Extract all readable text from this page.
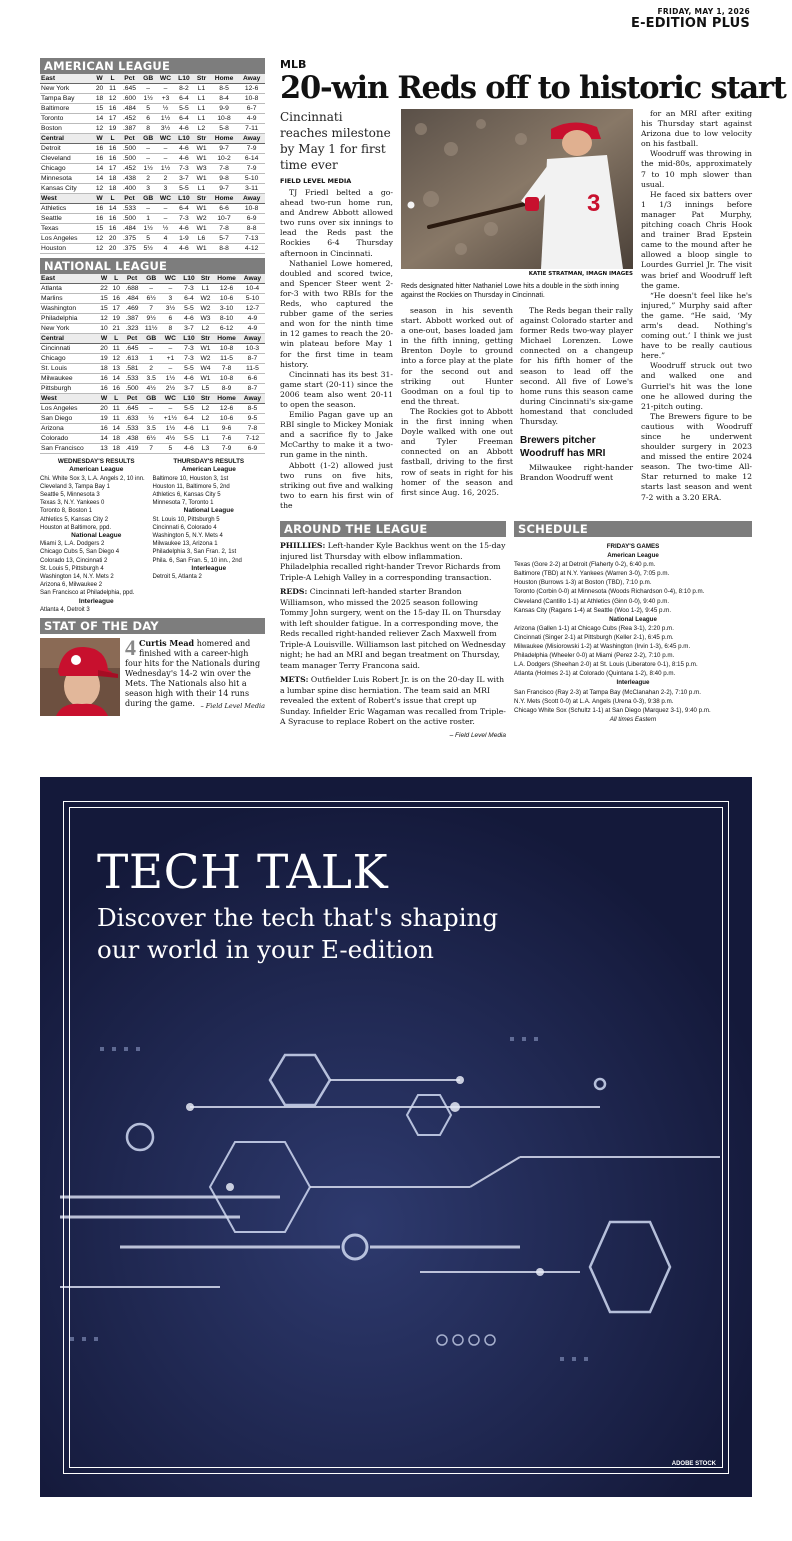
FRIDAY, MAY 1, 2026
E-EDITION PLUS
AMERICAN LEAGUE
East	W	L	Pct	GB	WC	L10	Str	Home	Away
New York	20	11	.645	–	–	8-2	L1	8-5	12-6
Tampa Bay	18	12	.600	1½	+3	6-4	L1	8-4	10-8
Baltimore	15	16	.484	5	½	5-5	L1	9-9	6-7
Toronto	14	17	.452	6	1½	6-4	L1	10-8	4-9
Boston	12	19	.387	8	3½	4-6	L2	5-8	7-11
Central	W	L	Pct	GB	WC	L10	Str	Home	Away
Detroit	16	16	.500	–	–	4-6	W1	9-7	7-9
Cleveland	16	16	.500	–	–	4-6	W1	10-2	6-14
Chicago	14	17	.452	1½	1½	7-3	W3	7-8	7-9
Minnesota	14	18	.438	2	2	3-7	W1	9-8	5-10
Kansas City	12	18	.400	3	3	5-5	L1	9-7	3-11
West	W	L	Pct	GB	WC	L10	Str	Home	Away
Athletics	16	14	.533	–	–	6-4	W1	6-6	10-8
Seattle	16	16	.500	1	–	7-3	W2	10-7	6-9
Texas	15	16	.484	1½	½	4-6	W1	7-8	8-8
Los Angeles	12	20	.375	5	4	1-9	L6	5-7	7-13
Houston	12	20	.375	5½	4	4-6	W1	8-8	4-12
NATIONAL LEAGUE
East	W	L	Pct	GB	WC	L10	Str	Home	Away
Atlanta	22	10	.688	–	–	7-3	L1	12-6	10-4
Marlins	15	16	.484	6½	3	6-4	W2	10-6	5-10
Washington	15	17	.469	7	3½	5-5	W2	3-10	12-7
Philadelphia	12	19	.387	9½	6	4-6	W3	8-10	4-9
New York	10	21	.323	11½	8	3-7	L2	6-12	4-9
Central	W	L	Pct	GB	WC	L10	Str	Home	Away
Cincinnati	20	11	.645	–	–	7-3	W1	10-8	10-3
Chicago	19	12	.613	1	+1	7-3	W2	11-5	8-7
St. Louis	18	13	.581	2	–	5-5	W4	7-8	11-5
Milwaukee	16	14	.533	3.5	1½	4-6	W1	10-8	6-6
Pittsburgh	16	16	.500	4½	2½	3-7	L5	8-9	8-7
West	W	L	Pct	GB	WC	L10	Str	Home	Away
Los Angeles	20	11	.645	–	–	5-5	L2	12-6	8-5
San Diego	19	11	.633	½	+1½	6-4	L2	10-6	9-5
Arizona	16	14	.533	3.5	1½	4-6	L1	9-6	7-8
Colorado	14	18	.438	6½	4½	5-5	L1	7-6	7-12
San Francisco	13	18	.419	7	5	4-6	L3	7-9	6-9
WEDNESDAY'S RESULTS
American League
Chi. White Sox 3, L.A. Angels 2, 10 inn.
Cleveland 3, Tampa Bay 1
Seattle 5, Minnesota 3
Texas 3, N.Y. Yankees 0
Toronto 8, Boston 1
Athletics 5, Kansas City 2
Houston at Baltimore, ppd.
National League
Miami 3, L.A. Dodgers 2
Chicago Cubs 5, San Diego 4
Colorado 13, Cincinnati 2
St. Louis 5, Pittsburgh 4
Washington 14, N.Y. Mets 2
Arizona 6, Milwaukee 2
San Francisco at Philadelphia, ppd.
Interleague
Atlanta 4, Detroit 3
THURSDAY'S RESULTS
American League
Baltimore 10, Houston 3, 1st
Houston 11, Baltimore 5, 2nd
Athletics 6, Kansas City 5
Minnesota 7, Toronto 1
National League
St. Louis 10, Pittsburgh 5
Cincinnati 6, Colorado 4
Washington 5, N.Y. Mets 4
Milwaukee 13, Arizona 1
Philadelphia 3, San Fran. 2, 1st
Phila. 6, San Fran. 5, 10 inn., 2nd
Interleague
Detroit 5, Atlanta 2
STAT OF THE DAY
4 Curtis Mead homered and finished with a career-high four hits for the Nationals during Wednesday's 14-2 win over the Mets. The Nationals also hit a season high with their 14 runs during the game. – Field Level Media
MLB
20-win Reds off to historic start
Cincinnati reaches milestone by May 1 for first time ever
FIELD LEVEL MEDIA

TJ Friedl belted a go-ahead two-run home run, and Andrew Abbott allowed two runs over six innings to lead the Reds past the Rockies 6-4 Thursday afternoon in Cincinnati.

Nathaniel Lowe homered, doubled and scored twice, and Spencer Steer went 2-for-3 with two RBIs for the Reds, who captured the rubber game of the series and won for the ninth time in 12 games to reach the 20-win plateau before May 1 for the first time in team history.

Cincinnati has its best 31-game start (20-11) since the 2006 team also went 20-11 to open the season.

Emilio Pagan gave up an RBI single to Mickey Moniak and a sacrifice fly to Jake McCarthy to make it a two-run game in the ninth.

Abbott (1-2) allowed just two runs on five hits, striking out five and walking two to earn his first win of the

3
KATIE STRATMAN, IMAGN IMAGES
Reds designated hitter Nathaniel Lowe hits a double in the sixth inning against the Rockies on Thursday in Cincinnati.

season in his seventh start. Abbott worked out of a one-out, bases loaded jam in the fifth inning, getting Brenton Doyle to ground into a force play at the plate for the second out and striking out Hunter Goodman on a foul tip to end the threat.

The Rockies got to Abbott in the first inning when Doyle walked with one out and Tyler Freeman connected on an Abbott fastball, driving to the first row of seats in right for his homer of the season and first since Aug. 16, 2025.

The Reds began their rally against Colorado starter and former Reds two-way player Michael Lorenzen. Lowe connected on a changeup for his fifth homer of the season to lead off the second. All five of Lowe's home runs this season came during Cincinnati's six-game homestand that concluded Thursday.

Brewers pitcher Woodruff has MRI

Milwaukee right-hander Brandon Woodruff went

for an MRI after exiting his Thursday start against Arizona due to low velocity on his fastball.

Woodruff was throwing in the mid-80s, approximately 7 to 10 mph slower than usual.

He faced six batters over 1 1/3 innings before manager Pat Murphy, pitching coach Chris Hook and trainer Brad Epstein came to the mound after he allowed a bloop single to Lourdes Gurriel Jr. The visit was brief and Woodruff left the game.

“He doesn't feel like he's injured,” Murphy said after the game. “He said, ‘My arm's dead. Nothing's coming out.’ I think we just have to be really cautious here.”

Woodruff struck out two and walked one and Gurriel's hit was the lone one he allowed during the 21-pitch outing.

The Brewers figure to be cautious with Woodruff since he underwent shoulder surgery in 2023 and missed the entire 2024 season. The two-time All-Star returned to make 12 starts last season and went 7-2 with a 3.20 ERA.

AROUND THE LEAGUE

PHILLIES: Left-hander Kyle Backhus went on the 15-day injured list Thursday with elbow inflammation. Philadelphia recalled right-hander Trevor Richards from Triple-A Lehigh Valley in a corresponding transaction.

REDS: Cincinnati left-handed starter Brandon Williamson, who missed the 2025 season following Tommy John surgery, went on the 15-day IL on Thursday with left shoulder fatigue. In a corresponding move, the Reds recalled right-handed reliever Zach Maxwell from Triple-A Louisville. Williamson last pitched on Wednesday night; he had an MRI and began treatment on Thursday, team manager Terry Francona said.

METS: Outfielder Luis Robert Jr. is on the 20-day IL with a lumbar spine disc herniation. The team said an MRI revealed the extent of Robert's issue that crept up Sunday. Infielder Eric Wagaman was recalled from Triple-A Syracuse to replace Robert on the active roster.

– Field Level Media
SCHEDULE
FRIDAY'S GAMES
American League
Texas (Gore 2-2) at Detroit (Flaherty 0-2), 6:40 p.m.
Baltimore (TBD) at N.Y. Yankees (Warren 3-0), 7:05 p.m.
Houston (Burrows 1-3) at Boston (TBD), 7:10 p.m.
Toronto (Corbin 0-0) at Minnesota (Woods Richardson 0-4), 8:10 p.m.
Cleveland (Cantillo 1-1) at Athletics (Ginn 0-0), 9:40 p.m.
Kansas City (Ragans 1-4) at Seattle (Woo 1-2), 9:45 p.m.
National League
Arizona (Gallen 1-1) at Chicago Cubs (Rea 3-1), 2:20 p.m.
Cincinnati (Singer 2-1) at Pittsburgh (Keller 2-1), 6:45 p.m.
Milwaukee (Misiorowski 1-2) at Washington (Irvin 1-3), 6:45 p.m.
Philadelphia (Wheeler 0-0) at Miami (Perez 2-2), 7:10 p.m.
L.A. Dodgers (Sheehan 2-0) at St. Louis (Liberatore 0-1), 8:15 p.m.
Atlanta (Holmes 2-1) at Colorado (Quintana 1-2), 8:40 p.m.
Interleague
San Francisco (Ray 2-3) at Tampa Bay (McClanahan 2-2), 7:10 p.m.
N.Y. Mets (Scott 0-0) at L.A. Angels (Urena 0-3), 9:38 p.m.
Chicago White Sox (Schultz 1-1) at San Diego (Marquez 3-1), 9:40 p.m.
All times Eastern
TECH TALK
Discover the tech that's shaping our world in your E-edition
ADOBE STOCK
